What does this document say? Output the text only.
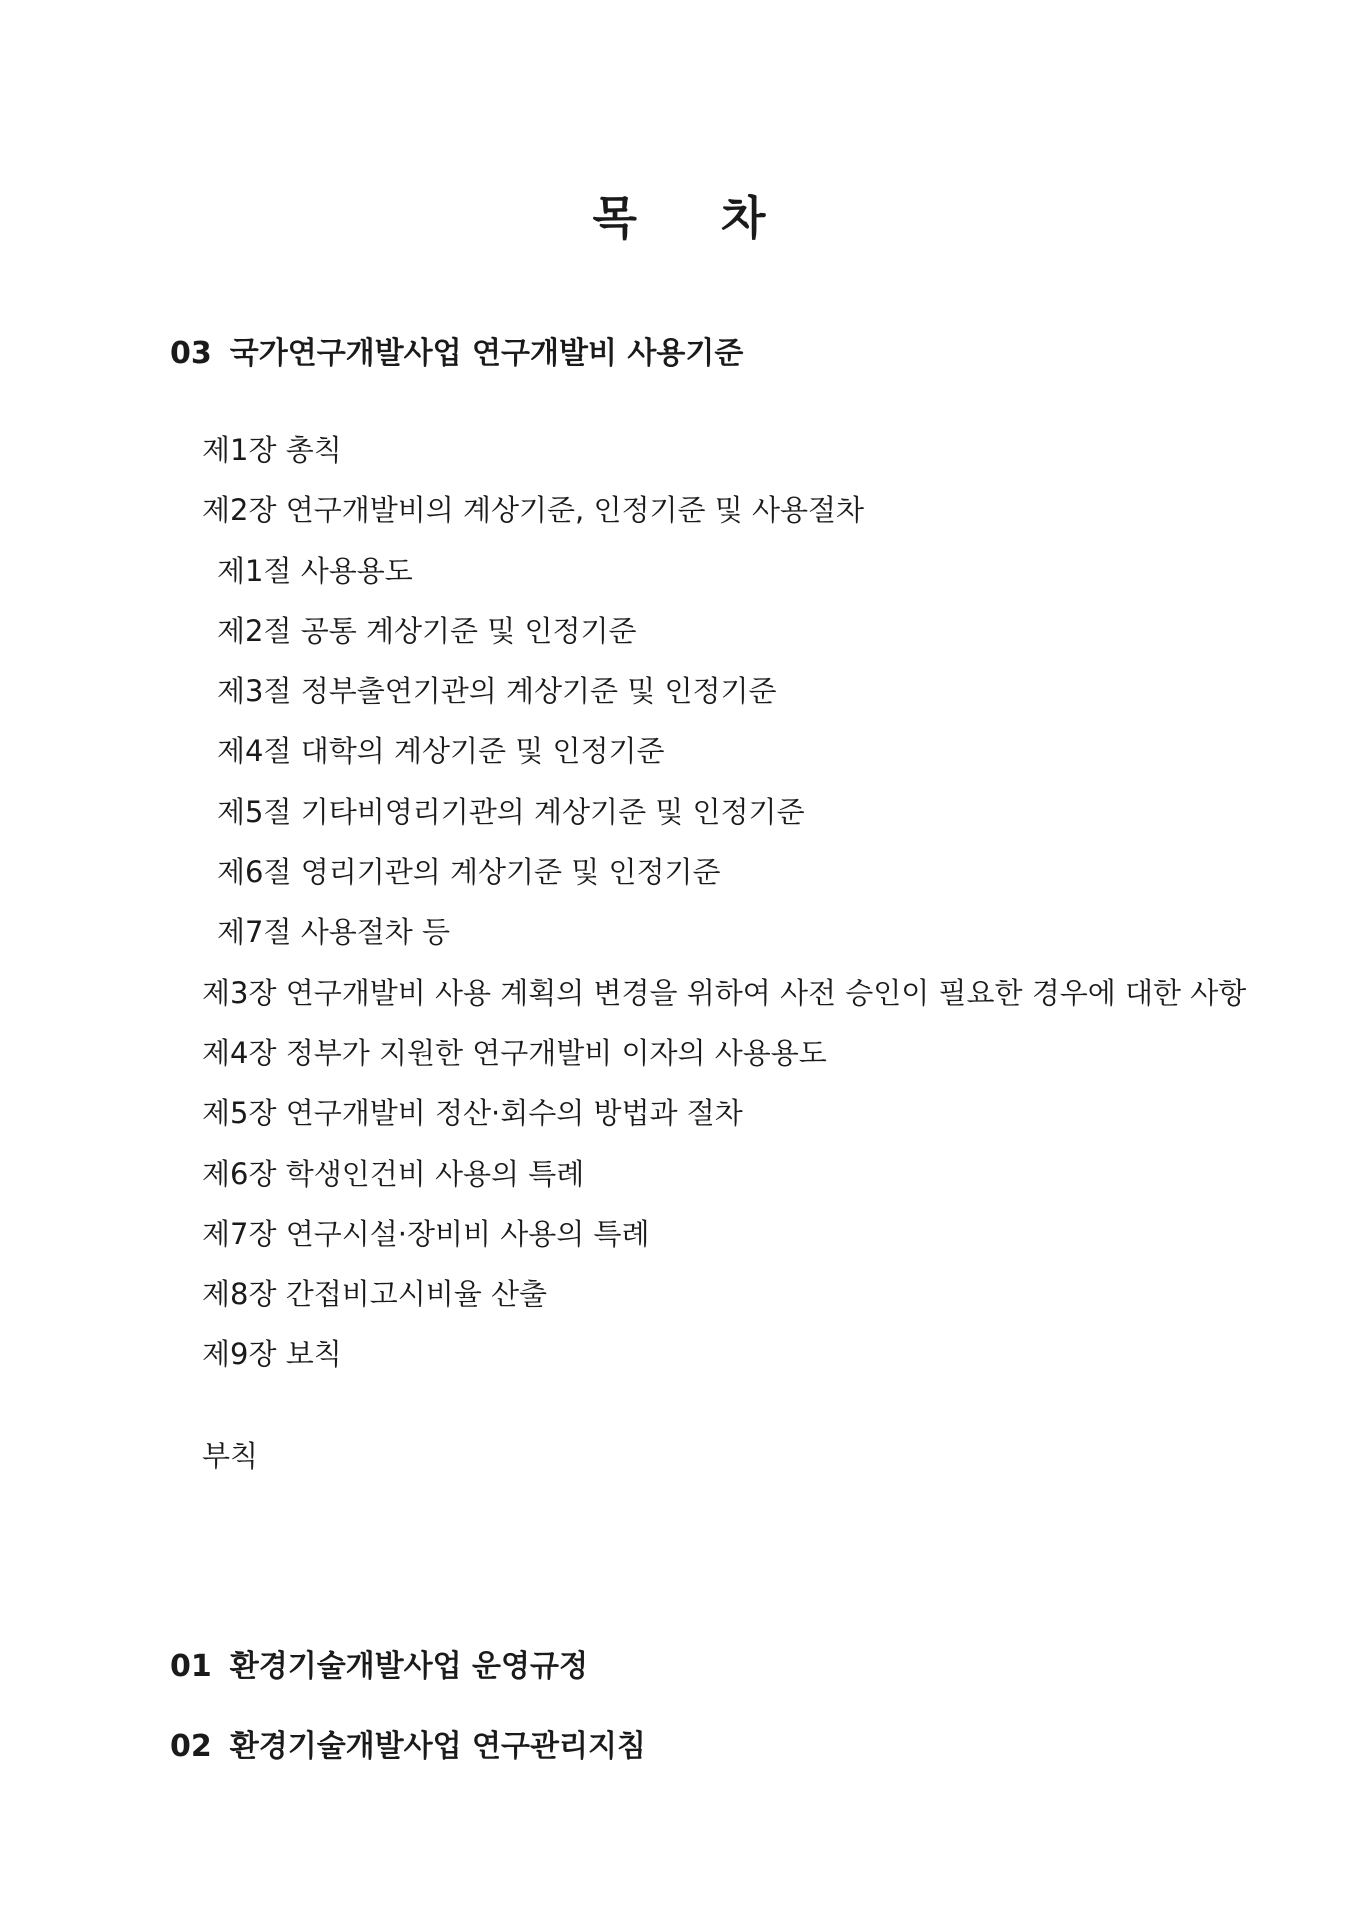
목 차
03 국가연구개발사업 연구개발비 사용기준
제1장 총칙
제2장 연구개발비의 계상기준, 인정기준 및 사용절차
제1절 사용용도
제2절 공통 계상기준 및 인정기준
제3절 정부출연기관의 계상기준 및 인정기준
제4절 대학의 계상기준 및 인정기준
제5절 기타비영리기관의 계상기준 및 인정기준
제6절 영리기관의 계상기준 및 인정기준
제7절 사용절차 등
제3장 연구개발비 사용 계획의 변경을 위하여 사전 승인이 필요한 경우에 대한 사항
제4장 정부가 지원한 연구개발비 이자의 사용용도
제5장 연구개발비 정산·회수의 방법과 절차
제6장 학생인건비 사용의 특례
제7장 연구시설·장비비 사용의 특례
제8장 간접비고시비율 산출
제9장 보칙
부칙
01 환경기술개발사업 운영규정
02 환경기술개발사업 연구관리지침
